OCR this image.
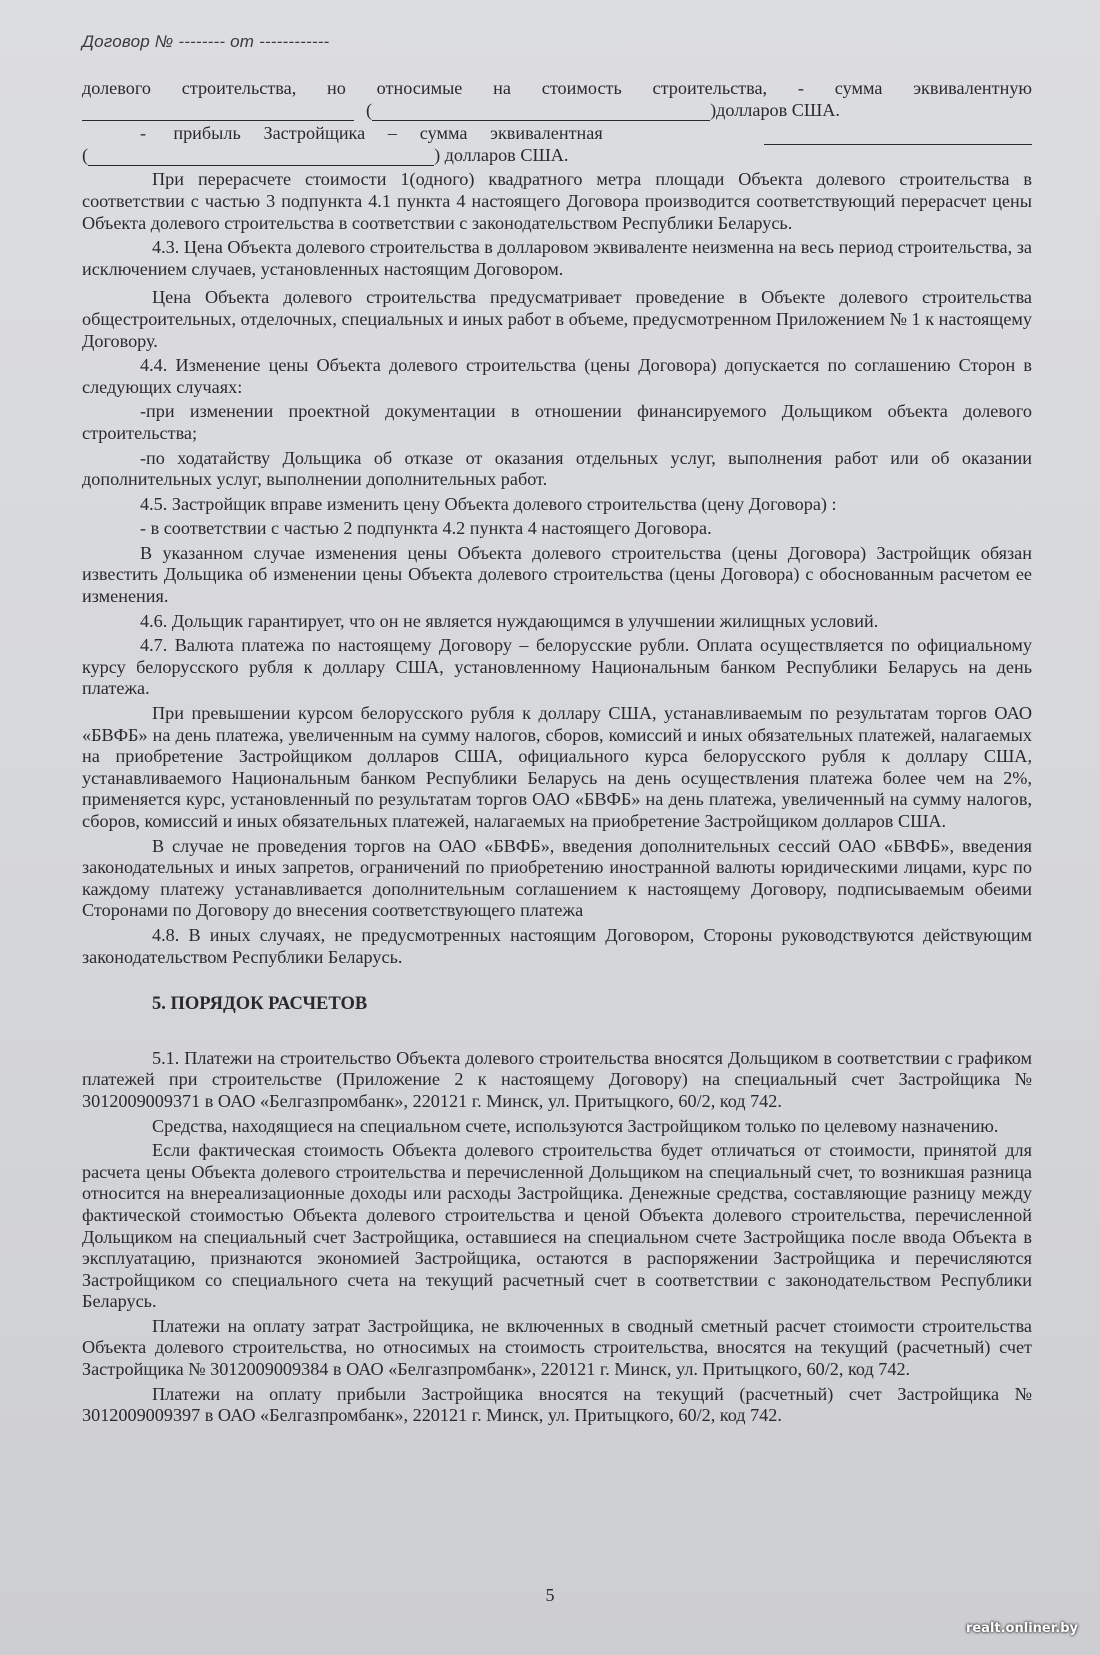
Договор № -------- от ------------

долевого строительства, но относимые на стоимость строительства, - сумма эквивалентную

(	)долларов США.
-      прибыль     Застройщика     –     сумма     эквивалентная
(	) долларов США.

При перерасчете стоимости 1(одного) квадратного метра площади Объекта долевого строительства в соответствии с частью 3 подпункта 4.1 пункта 4 настоящего Договора производится соответствующий перерасчет цены Объекта долевого строительства в соответствии с законодательством Республики Беларусь.

4.3. Цена Объекта долевого строительства в долларовом эквиваленте неизменна на весь период строительства, за исключением случаев, установленных настоящим Договором.

Цена Объекта долевого строительства предусматривает проведение в Объекте долевого строительства общестроительных, отделочных, специальных и иных работ в объеме, предусмотренном Приложением № 1 к настоящему Договору.

4.4. Изменение цены Объекта долевого строительства (цены Договора) допускается по соглашению Сторон в следующих случаях:

-при изменении проектной документации в отношении финансируемого Дольщиком объекта долевого строительства;

-по ходатайству Дольщика об отказе от оказания отдельных услуг, выполнения работ или об оказании дополнительных услуг, выполнении дополнительных работ.

4.5. Застройщик вправе изменить цену Объекта долевого строительства (цену Договора) :

- в соответствии с частью 2 подпункта 4.2 пункта 4 настоящего Договора.

В указанном случае изменения цены Объекта долевого строительства (цены Договора) Застройщик обязан известить Дольщика об изменении цены Объекта долевого строительства (цены Договора) с обоснованным расчетом ее изменения.

4.6. Дольщик гарантирует, что он не является нуждающимся в улучшении жилищных условий.

4.7. Валюта платежа по настоящему Договору – белорусские рубли. Оплата осуществляется по официальному курсу белорусского рубля к доллару США, установленному Национальным банком Республики Беларусь на день платежа.

При превышении курсом белорусского рубля к доллару США, устанавливаемым по результатам торгов ОАО «БВФБ» на день платежа, увеличенным на сумму налогов, сборов, комиссий и иных обязательных платежей, налагаемых на приобретение Застройщиком долларов США, официального курса белорусского рубля к доллару США, устанавливаемого Национальным банком Республики Беларусь на день осуществления платежа более чем на 2%, применяется курс, установленный по результатам торгов ОАО «БВФБ» на день платежа, увеличенный на сумму налогов, сборов, комиссий и иных обязательных платежей, налагаемых на приобретение Застройщиком долларов США.

В случае не проведения торгов на ОАО «БВФБ», введения дополнительных сессий ОАО «БВФБ», введения законодательных и иных запретов, ограничений по приобретению иностранной валюты юридическими лицами, курс по каждому платежу устанавливается дополнительным соглашением к настоящему Договору, подписываемым обеими Сторонами по Договору до внесения соответствующего платежа

4.8. В иных случаях, не предусмотренных настоящим Договором, Стороны руководствуются действующим законодательством Республики Беларусь.

5. ПОРЯДОК РАСЧЕТОВ

5.1. Платежи на строительство Объекта долевого строительства вносятся Дольщиком в соответствии с графиком платежей при строительстве (Приложение 2 к настоящему Договору) на специальный счет Застройщика № 3012009009371 в ОАО «Белгазпромбанк», 220121 г. Минск, ул. Притыцкого, 60/2, код 742.

Средства, находящиеся на специальном счете, используются Застройщиком только по целевому назначению.

Если фактическая стоимость Объекта долевого строительства будет отличаться от стоимости, принятой для расчета цены Объекта долевого строительства и перечисленной Дольщиком на специальный счет, то возникшая разница относится на внереализационные доходы или расходы Застройщика. Денежные средства, составляющие разницу между фактической стоимостью Объекта долевого строительства и ценой Объекта долевого строительства, перечисленной Дольщиком на специальный счет Застройщика, оставшиеся на специальном счете Застройщика после ввода Объекта в эксплуатацию, признаются экономией Застройщика, остаются в распоряжении Застройщика и перечисляются Застройщиком со специального счета на текущий расчетный счет в соответствии с законодательством Республики Беларусь.

Платежи на оплату затрат Застройщика, не включенных в сводный сметный расчет стоимости строительства Объекта долевого строительства, но относимых на стоимость строительства, вносятся на текущий (расчетный) счет Застройщика № 3012009009384 в ОАО «Белгазпромбанк», 220121 г. Минск, ул. Притыцкого, 60/2, код 742.

Платежи на оплату прибыли Застройщика вносятся на текущий (расчетный) счет Застройщика № 3012009009397 в ОАО «Белгазпромбанк», 220121 г. Минск, ул. Притыцкого, 60/2, код 742.

5
realt.onliner.by
